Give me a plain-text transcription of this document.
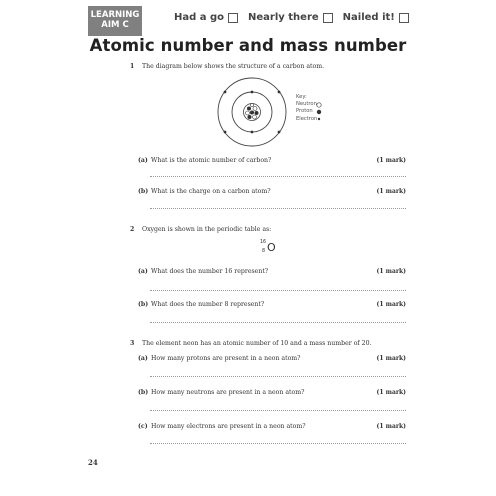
LEARNING
AIM C
Had a go Nearly there Nailed it!
Atomic number and mass number
1 The diagram below shows the structure of a carbon atom.
Key:
Neutron
Proton
Electron
(a) What is the atomic number of carbon?	(1 mark)
(b) What is the charge on a carbon atom?	(1 mark)
2 Oxygen is shown in the periodic table as:
16
8 O
(a) What does the number 16 represent?	(1 mark)
(b) What does the number 8 represent?	(1 mark)
3 The element neon has an atomic number of 10 and a mass number of 20.
(a) How many protons are present in a neon atom?	(1 mark)
(b) How many neutrons are present in a neon atom?	(1 mark)
(c) How many electrons are present in a neon atom?	(1 mark)
24
